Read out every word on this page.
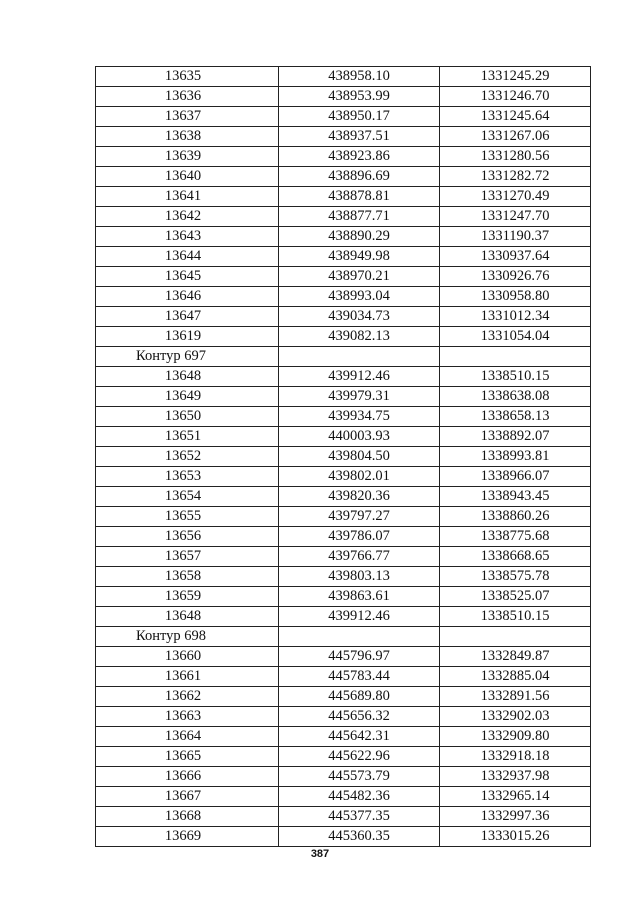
13635	438958.10	1331245.29
13636	438953.99	1331246.70
13637	438950.17	1331245.64
13638	438937.51	1331267.06
13639	438923.86	1331280.56
13640	438896.69	1331282.72
13641	438878.81	1331270.49
13642	438877.71	1331247.70
13643	438890.29	1331190.37
13644	438949.98	1330937.64
13645	438970.21	1330926.76
13646	438993.04	1330958.80
13647	439034.73	1331012.34
13619	439082.13	1331054.04
Контур 697		
13648	439912.46	1338510.15
13649	439979.31	1338638.08
13650	439934.75	1338658.13
13651	440003.93	1338892.07
13652	439804.50	1338993.81
13653	439802.01	1338966.07
13654	439820.36	1338943.45
13655	439797.27	1338860.26
13656	439786.07	1338775.68
13657	439766.77	1338668.65
13658	439803.13	1338575.78
13659	439863.61	1338525.07
13648	439912.46	1338510.15
Контур 698		
13660	445796.97	1332849.87
13661	445783.44	1332885.04
13662	445689.80	1332891.56
13663	445656.32	1332902.03
13664	445642.31	1332909.80
13665	445622.96	1332918.18
13666	445573.79	1332937.98
13667	445482.36	1332965.14
13668	445377.35	1332997.36
13669	445360.35	1333015.26
387
